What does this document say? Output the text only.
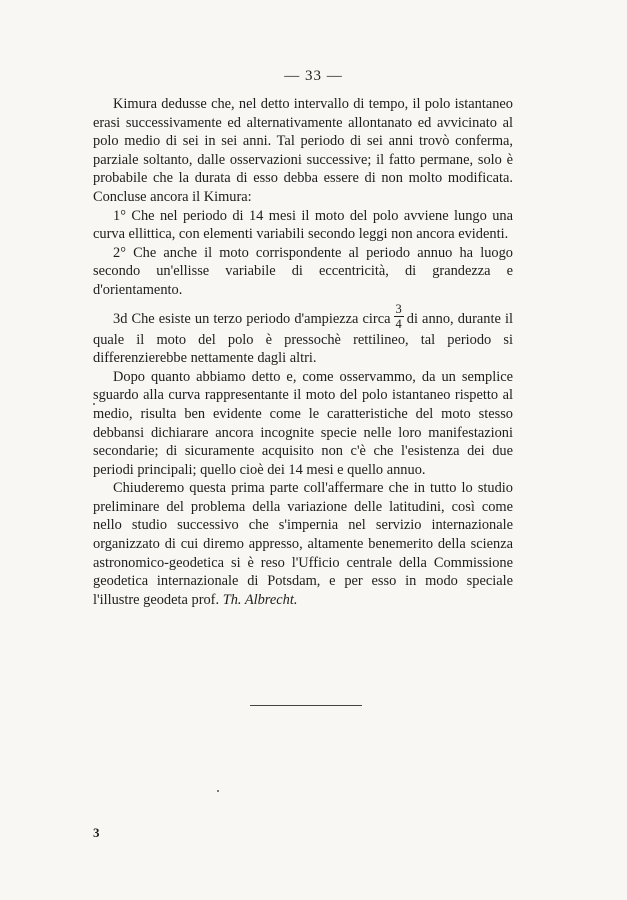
— 33 —

Kimura dedusse che, nel detto intervallo di tempo, il polo istantaneo erasi successivamente ed alternativamente allontanato ed avvicinato al polo medio di sei in sei anni. Tal periodo di sei anni trovò conferma, parziale soltanto, dalle osservazioni successive; il fatto permane, solo è probabile che la durata di esso debba essere di non molto modificata. Concluse ancora il Kimura:

1° Che nel periodo di 14 mesi il moto del polo avviene lungo una curva ellittica, con elementi variabili secondo leggi non ancora evidenti.

2° Che anche il moto corrispondente al periodo annuo ha luogo secondo un'ellisse variabile di eccentricità, di grandezza e d'orientamento.

3d Che esiste un terzo periodo d'ampiezza circa $\frac{3}{4}$ di anno, durante il quale il moto del polo è pressochè rettilineo, tal periodo si differenzierebbe nettamente dagli altri.

Dopo quanto abbiamo detto e, come osservammo, da un semplice sguardo alla curva rappresentante il moto del polo istantaneo rispetto al medio, risulta ben evidente come le caratteristiche del moto stesso debbansi dichiarare ancora incognite specie nelle loro manifestazioni secondarie; di sicuramente acquisito non c'è che l'esistenza dei due periodi principali; quello cioè dei 14 mesi e quello annuo.

Chiuderemo questa prima parte coll'affermare che in tutto lo studio preliminare del problema della variazione delle latitudini, così come nello studio successivo che s'impernia nel servizio internazionale organizzato di cui diremo appresso, altamente benemerito della scienza astronomico-geodetica si è reso l'Ufficio centrale della Commissione geodetica internazionale di Potsdam, e per esso in modo speciale l'illustre geodeta prof. Th. Albrecht.

3
